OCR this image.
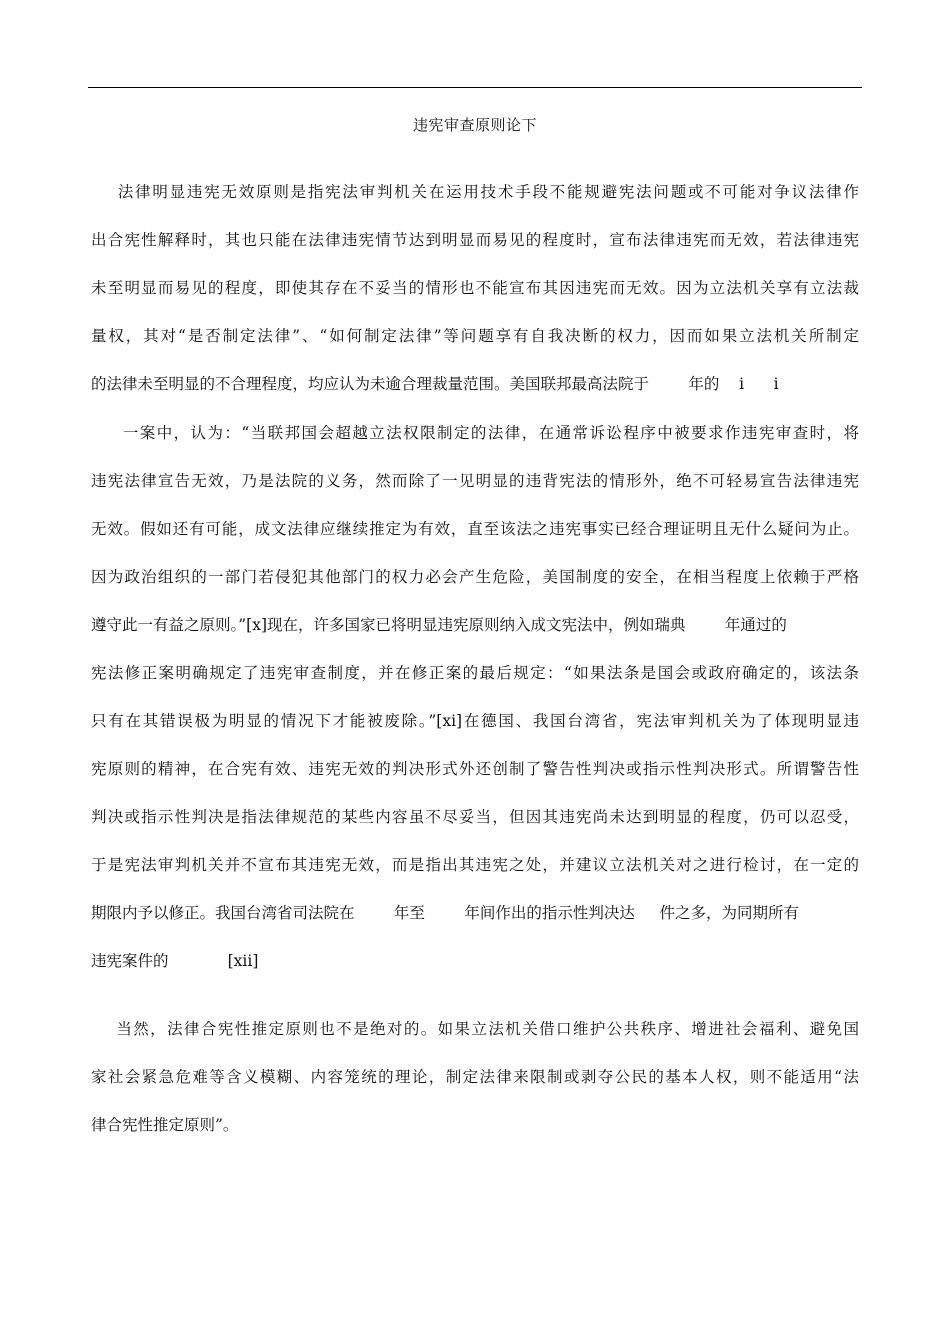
违宪审查原则论下
法律明显违宪无效原则是指宪法审判机关在运用技术手段不能规避宪法问题或不可能对争议法律作
出合宪性解释时，其也只能在法律违宪情节达到明显而易见的程度时，宣布法律违宪而无效，若法律违宪
未至明显而易见的程度，即使其存在不妥当的情形也不能宣布其因违宪而无效。因为立法机关享有立法裁
量权，其对“是否制定法律”、“如何制定法律”等问题享有自我决断的权力，因而如果立法机关所制定
的法律未至明显的不合理程度，均应认为未逾合理裁量范围。美国联邦最高法院于        年的    i      i
一案中，认为：“当联邦国会超越立法权限制定的法律，在通常诉讼程序中被要求作违宪审查时，将
违宪法律宣告无效，乃是法院的义务，然而除了一见明显的违背宪法的情形外，绝不可轻易宣告法律违宪
无效。假如还有可能，成文法律应继续推定为有效，直至该法之违宪事实已经合理证明且无什么疑问为止。
因为政治组织的一部门若侵犯其他部门的权力必会产生危险，美国制度的安全，在相当程度上依赖于严格
遵守此一有益之原则。”[x]现在，许多国家已将明显违宪原则纳入成文宪法中，例如瑞典        年通过的
宪法修正案明确规定了违宪审查制度，并在修正案的最后规定：“如果法条是国会或政府确定的，该法条
只有在其错误极为明显的情况下才能被废除。”[xi]在德国、我国台湾省，宪法审判机关为了体现明显违
宪原则的精神，在合宪有效、违宪无效的判决形式外还创制了警告性判决或指示性判决形式。所谓警告性
判决或指示性判决是指法律规范的某些内容虽不尽妥当，但因其违宪尚未达到明显的程度，仍可以忍受，
于是宪法审判机关并不宣布其违宪无效，而是指出其违宪之处，并建议立法机关对之进行检讨，在一定的
期限内予以修正。我国台湾省司法院在        年至        年间作出的指示性判决达     件之多，为同期所有
违宪案件的            [xii]
当然，法律合宪性推定原则也不是绝对的。如果立法机关借口维护公共秩序、增进社会福利、避免国
家社会紧急危难等含义模糊、内容笼统的理论，制定法律来限制或剥夺公民的基本人权，则不能适用“法
律合宪性推定原则”。
